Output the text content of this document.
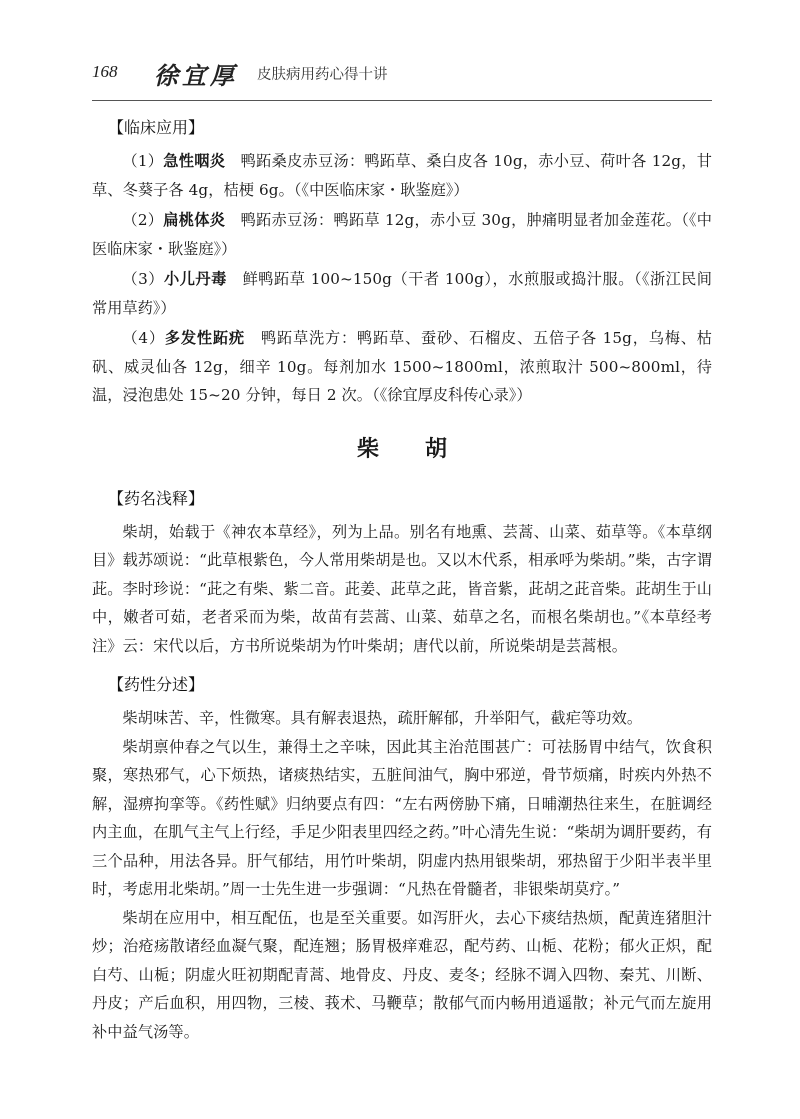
168 徐宜厚 皮肤病用药心得十讲
【临床应用】

（1）急性咽炎　 鸭跖桑皮赤豆汤：鸭跖草、桑白皮各 10g，赤小豆、荷叶各 12g，甘草、冬葵子各 4g，桔梗 6g。（《中医临床家・耿鉴庭》）

（2）扁桃体炎　 鸭跖赤豆汤：鸭跖草 12g，赤小豆 30g，肿痛明显者加金莲花。（《中医临床家・耿鉴庭》）

（3）小儿丹毒　 鲜鸭跖草 100~150g（干者 100g），水煎服或捣汁服。（《浙江民间常用草药》）

（4）多发性跖疣　 鸭跖草洗方：鸭跖草、蚕砂、石榴皮、五倍子各 15g，乌梅、枯矾、威灵仙各 12g，细辛 10g。每剂加水 1500~1800ml，浓煎取汁 500~800ml，待温，浸泡患处 15~20 分钟，每日 2 次。（《徐宜厚皮科传心录》）

柴胡
【药名浅释】

柴胡，始载于《神农本草经》，列为上品。别名有地熏、芸蒿、山菜、茹草等。《本草纲目》载苏颂说：“此草根紫色，今人常用柴胡是也。又以木代系，相承呼为柴胡。”柴，古字谓茈。李时珍说：“茈之有柴、紫二音。茈姜、茈草之茈，皆音紫，茈胡之茈音柴。茈胡生于山中，嫩者可茹，老者采而为柴，故苗有芸蒿、山菜、茹草之名，而根名柴胡也。”《本草经考注》云：宋代以后，方书所说柴胡为竹叶柴胡；唐代以前，所说柴胡是芸蒿根。

【药性分述】

柴胡味苦、辛，性微寒。具有解表退热，疏肝解郁，升举阳气，截疟等功效。

柴胡禀仲春之气以生，兼得土之辛味，因此其主治范围甚广：可祛肠胃中结气，饮食积聚，寒热邪气，心下烦热，诸痰热结实，五脏间油气，胸中邪逆，骨节烦痛，时疾内外热不解，湿痹拘挛等。《药性赋》归纳要点有四：“左右两傍胁下痛，日晡潮热往来生，在脏调经内主血，在肌气主气上行经，手足少阳表里四经之药。”叶心清先生说：“柴胡为调肝要药，有三个品种，用法各异。肝气郁结，用竹叶柴胡，阴虚内热用银柴胡，邪热留于少阳半表半里时，考虑用北柴胡。”周一士先生进一步强调：“凡热在骨髓者，非银柴胡莫疗。”

柴胡在应用中，相互配伍，也是至关重要。如泻肝火，去心下痰结热烦，配黄连猪胆汁炒；治疮疡散诸经血凝气聚，配连翘；肠胃极痒难忍，配芍药、山栀、花粉；郁火正炽，配白芍、山栀；阴虚火旺初期配青蒿、地骨皮、丹皮、麦冬；经脉不调入四物、秦艽、川断、丹皮；产后血积，用四物，三棱、莪术、马鞭草；散郁气而内畅用逍遥散；补元气而左旋用补中益气汤等。
